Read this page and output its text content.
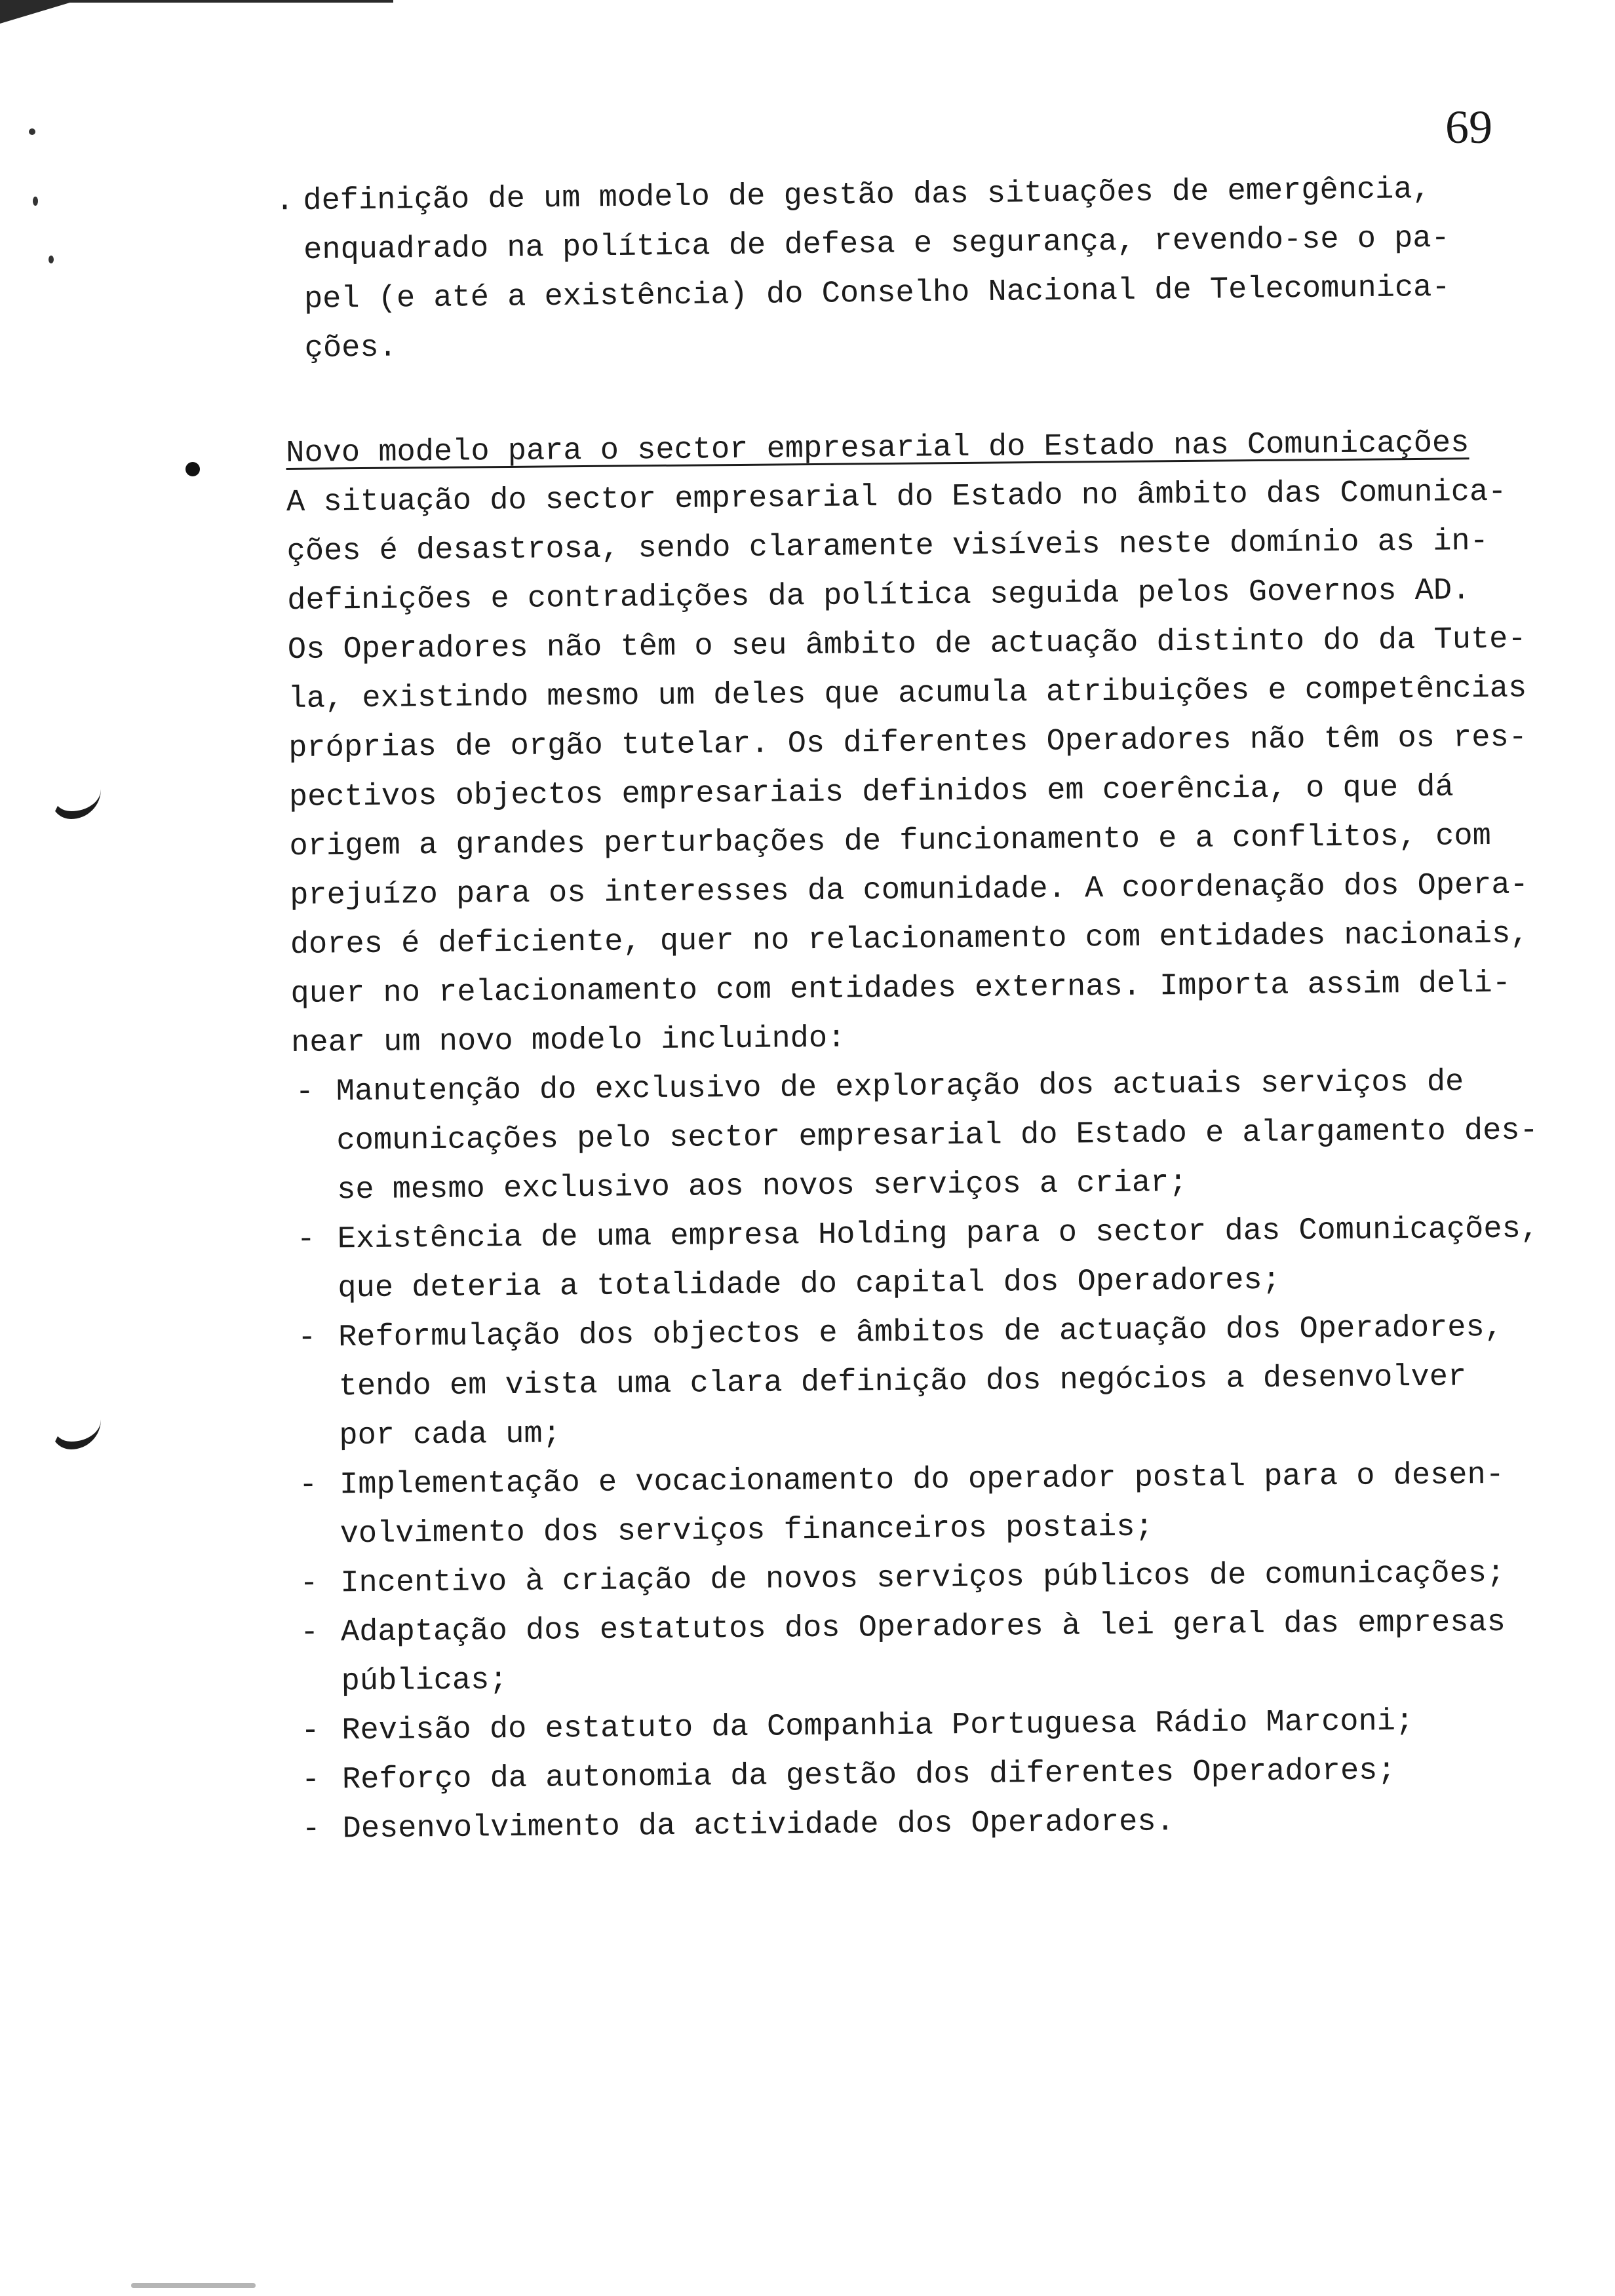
69
. definição de um modelo de gestão das situações de emergência,

enquadrado na política de defesa e segurança, revendo-se o pa-

pel (e até a existência) do Conselho Nacional de Telecomunica-

ções.

Novo modelo para o sector empresarial do Estado nas Comunicações

A situação do sector empresarial do Estado no âmbito das Comunica-

ções é desastrosa, sendo claramente visíveis neste domínio as in-

definições e contradições da política seguida pelos Governos AD.

Os Operadores não têm o seu âmbito de actuação distinto do da Tute-

la, existindo mesmo um deles que acumula atribuições e competências

próprias de orgão tutelar. Os diferentes Operadores não têm os res-

pectivos objectos empresariais definidos em coerência, o que dá

origem a grandes perturbações de funcionamento e a conflitos, com

prejuízo para os interesses da comunidade. A coordenação dos Opera-

dores é deficiente, quer no relacionamento com entidades nacionais,

quer no relacionamento com entidades externas. Importa assim deli-

near um novo modelo incluindo:

- Manutenção do exclusivo de exploração dos actuais serviços de

comunicações pelo sector empresarial do Estado e alargamento des-

se mesmo exclusivo aos novos serviços a criar;

- Existência de uma empresa Holding para o sector das Comunicações,

que deteria a totalidade do capital dos Operadores;

- Reformulação dos objectos e âmbitos de actuação dos Operadores,

tendo em vista uma clara definição dos negócios a desenvolver

por cada um;

- Implementação e vocacionamento do operador postal para o desen-

volvimento dos serviços financeiros postais;

- Incentivo à criação de novos serviços públicos de comunicações;

- Adaptação dos estatutos dos Operadores à lei geral das empresas

públicas;

- Revisão do estatuto da Companhia Portuguesa Rádio Marconi;

- Reforço da autonomia da gestão dos diferentes Operadores;

- Desenvolvimento da actividade dos Operadores.
